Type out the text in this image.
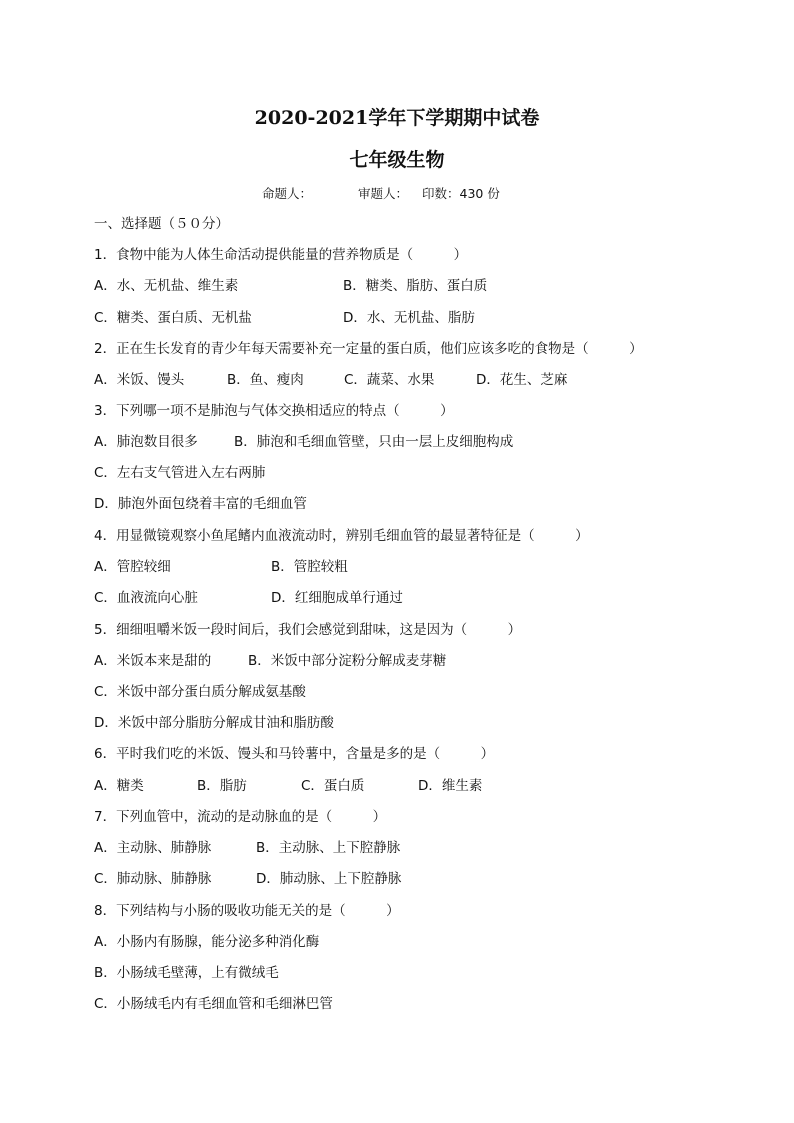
2020-2021学年下学期期中试卷
七年级生物
命题人：	审题人： 印数：430 份
一、选择题（５０分）
1．食物中能为人体生命活动提供能量的营养物质是（　　　）
A．水、无机盐、维生素	B．糖类、脂肪、蛋白质
C．糖类、蛋白质、无机盐	D．水、无机盐、脂肪
2．正在生长发育的青少年每天需要补充一定量的蛋白质，他们应该多吃的食物是（　　　）
A．米饭、馒头	B．鱼、瘦肉	C．蔬菜、水果	D．花生、芝麻
3．下列哪一项不是肺泡与气体交换相适应的特点（　　　）
A．肺泡数目很多	B．肺泡和毛细血管壁，只由一层上皮细胞构成
C．左右支气管进入左右两肺
D．肺泡外面包绕着丰富的毛细血管
4．用显微镜观察小鱼尾鳍内血液流动时，辨别毛细血管的最显著特征是（　　　）
A．管腔较细	B．管腔较粗
C．血液流向心脏	D．红细胞成单行通过
5．细细咀嚼米饭一段时间后，我们会感觉到甜味，这是因为（　　　）
A．米饭本来是甜的	B．米饭中部分淀粉分解成麦芽糖
C．米饭中部分蛋白质分解成氨基酸
D．米饭中部分脂肪分解成甘油和脂肪酸
6．平时我们吃的米饭、馒头和马铃薯中，含量是多的是（　　　）
A．糖类	B．脂肪	C．蛋白质	D．维生素
7．下列血管中，流动的是动脉血的是（　　　）
A．主动脉、肺静脉	B．主动脉、上下腔静脉
C．肺动脉、肺静脉	D．肺动脉、上下腔静脉
8．下列结构与小肠的吸收功能无关的是（　　　）
A．小肠内有肠腺，能分泌多种消化酶
B．小肠绒毛壁薄，上有微绒毛
C．小肠绒毛内有毛细血管和毛细淋巴管
